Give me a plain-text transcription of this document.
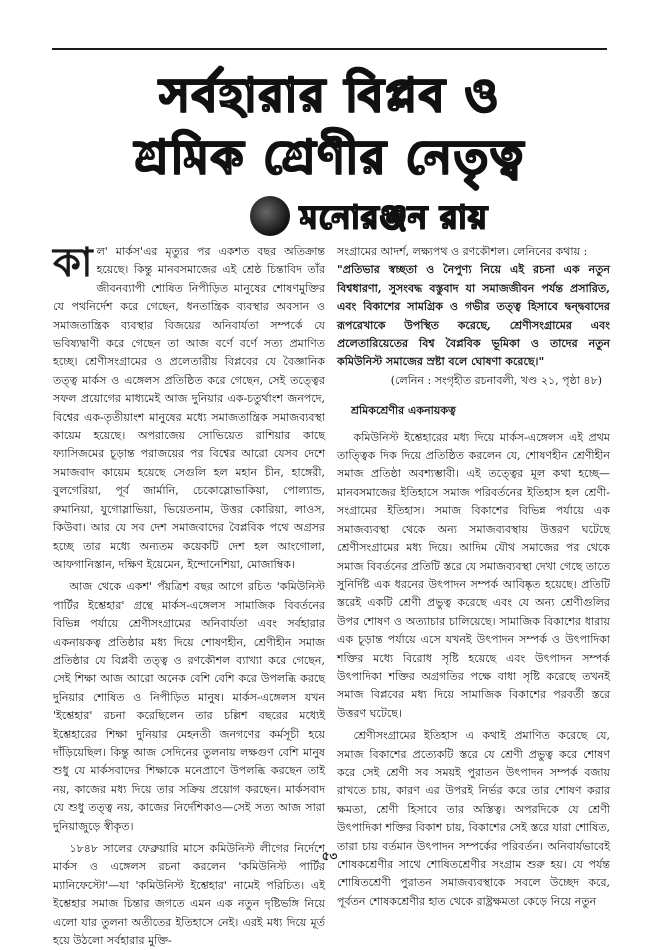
সর্বহারার বিপ্লব ও
শ্রমিক শ্রেণীর নেতৃত্ব
মনোরঞ্জন রায়

কাল' মার্কস'এর মৃত্যুর পর একশত বছর অতিক্রান্ত হয়েছে। কিন্তু মানবসমাজের এই শ্রেষ্ঠ চিন্তাবিদ তাঁর জীবনব্যাপী শোষিত নিপীড়িত মানুষের শোষণমুক্তির যে পথনির্দেশ করে গেছেন, ধনতান্ত্রিক ব্যবস্থার অবসান ও সমাজতান্ত্রিক ব্যবস্থার বিজয়ের অনিবার্যতা সম্পর্কে যে ভবিষ্যদ্বাণী করে গেছেন তা আজ বর্ণে বর্ণে সত্য প্রমাণিত হচ্ছে। শ্রেণীসংগ্রামের ও প্রলেতারীয় বিপ্লবের যে বৈজ্ঞানিক তত্ত্ব মার্কস ও এঙ্গেলস প্রতিষ্ঠিত করে গেছেন, সেই তত্ত্বের সফল প্রয়োগের মাধ্যমেই আজ দুনিয়ার এক-চতুর্থাংশ জনপদে, বিশ্বের এক-তৃতীয়াংশ মানুষের মধ্যে সমাজতান্ত্রিক সমাজব্যবস্থা কায়েম হয়েছে। অপরাজেয় সোভিয়েত রাশিয়ার কাছে ফ্যাসিজমের চূড়ান্ত পরাজয়ের পর বিশ্বের আরো যেসব দেশে সমাজবাদ কায়েম হয়েছে সেগুলি হল মহান চীন, হাঙ্গেরী, বুলগেরিয়া, পূর্ব জার্মানি, চেকোস্লোভাকিয়া, পোল্যান্ড, রুমানিয়া, যুগোস্লাভিয়া, ভিয়েতনাম, উত্তর কোরিয়া, লাওস, কিউবা। আর যে সব দেশ সমাজবাদের বৈপ্লবিক পথে অগ্রসর হচ্ছে তার মধ্যে অন্যতম কয়েকটি দেশ হল আংগোলা, আফগানিস্তান, দক্ষিণ ইয়েমেন, ইন্দোনেশিয়া, মোজাম্বিক।

আজ থেকে একশ' পঁয়ত্রিশ বছর আগে রচিত 'কমিউনিস্ট পার্টির ইশ্তেহার' গ্রন্থে মার্কস-এঙ্গেলস সামাজিক বিবর্তনের বিভিন্ন পর্যায়ে শ্রেণীসংগ্রামের অনিবার্যতা এবং সর্বহারার একনায়কত্ব প্রতিষ্ঠার মধ্য দিয়ে শোষণহীন, শ্রেণীহীন সমাজ প্রতিষ্ঠার যে বিপ্লবী তত্ত্ব ও রণকৌশল ব্যাখ্যা করে গেছেন, সেই শিক্ষা আজ আরো অনেক বেশি বেশি করে উপলব্ধি করছে দুনিয়ার শোষিত ও নিপীড়িত মানুষ। মার্কস-এঙ্গেলস যখন 'ইশ্তেহার' রচনা করেছিলেন তার চল্লিশ বছরের মধ্যেই ইশ্তেহারের শিক্ষা দুনিয়ার মেহনতী জনগণের কর্মসূচী হয়ে দাঁড়িয়েছিল। কিন্তু আজ সেদিনের তুলনায় লক্ষগুণ বেশি মানুষ শুধু যে মার্কসবাদের শিক্ষাকে মনেপ্রাণে উপলব্ধি করছেন তাই নয়, কাজের মধ্য দিয়ে তার সক্রিয় প্রয়োগ করছেন। মার্কসবাদ যে শুধু তত্ত্ব নয়, কাজের নির্দেশিকাও—সেই সত্য আজ সারা দুনিয়াজুড়ে স্বীকৃত।

১৮৪৮ সালের ফেব্রুয়ারি মাসে কমিউনিস্ট লীগের নির্দেশে মার্কস ও এঙ্গেলস রচনা করলেন 'কমিউনিস্ট পার্টির ম্যানিফেস্টো'—যা 'কমিউনিস্ট ইশ্তেহার' নামেই পরিচিত। এই ইশ্তেহার সমাজ চিন্তার জগতে এমন এক নতুন দৃষ্টিভঙ্গি নিয়ে এলো যার তুলনা অতীতের ইতিহাসে নেই। এরই মধ্য দিয়ে মূর্ত হয়ে উঠলো সর্বহারার মুক্তি-

সংগ্রামের আদর্শ, লক্ষ্যপথ ও রণকৌশল। লেনিনের কথায় :

"প্রতিভার স্বচ্ছতা ও নৈপুণ্য নিয়ে এই রচনা এক নতুন বিশ্বধারণা, সুসংবদ্ধ বস্তুবাদ যা সমাজজীবন পর্যন্ত প্রসারিত, এবং বিকাশের সামগ্রিক ও গভীর তত্ত্ব হিসাবে দ্বন্দ্ববাদের রূপরেখাকে উপস্থিত করেছে, শ্রেণীসংগ্রামের এবং প্রলেতারিয়েতের বিশ্ব বৈপ্লবিক ভূমিকা ও তাদের নতুন কমিউনিস্ট সমাজের স্রষ্টা বলে ঘোষণা করেছে।"

(লেনিন : সংগৃহীত রচনাবলী, খণ্ড ২১, পৃষ্ঠা ৪৮)

শ্রমিকশ্রেণীর একনায়কত্ব

কমিউনিস্ট ইশ্তেহারের মধ্য দিয়ে মার্কস-এঙ্গেলস এই প্রথম তাত্ত্বিক দিক দিয়ে প্রতিষ্ঠিত করলেন যে, শোষণহীন শ্রেণীহীন সমাজ প্রতিষ্ঠা অবশ্যম্ভাবী। এই তত্ত্বের মূল কথা হচ্ছে—মানবসমাজের ইতিহাসে সমাজ পরিবর্তনের ইতিহাস হল শ্রেণী-সংগ্রামের ইতিহাস। সমাজ বিকাশের বিভিন্ন পর্যায়ে এক সমাজব্যবস্থা থেকে অন্য সমাজব্যবস্থায় উত্তরণ ঘটেছে শ্রেণীসংগ্রামের মধ্য দিয়ে। আদিম যৌথ সমাজের পর থেকে সমাজ বিবর্তনের প্রতিটি স্তরে যে সমাজব্যবস্থা দেখা গেছে তাতে সুনির্দিষ্ট এক ধরনের উৎপাদন সম্পর্ক আবিষ্কৃত হয়েছে। প্রতিটি স্তরেই একটি শ্রেণী প্রভুত্ব করেছে এবং যে অন্য শ্রেণীগুলির উপর শোষণ ও অত্যাচার চালিয়েছে। সামাজিক বিকাশের ধারায় এক চূড়ান্ত পর্যায়ে এসে যখনই উৎপাদন সম্পর্ক ও উৎপাদিকা শক্তির মধ্যে বিরোধ সৃষ্টি হয়েছে এবং উৎপাদন সম্পর্ক উৎপাদিকা শক্তির অগ্রগতির পক্ষে বাধা সৃষ্টি করেছে তখনই সমাজ বিপ্লবের মধ্য দিয়ে সামাজিক বিকাশের পরবর্তী স্তরে উত্তরণ ঘটেছে।

শ্রেণীসংগ্রামের ইতিহাস এ কথাই প্রমাণিত করেছে যে, সমাজ বিকাশের প্রত্যেকটি স্তরে যে শ্রেণী প্রভুত্ব করে শোষণ করে সেই শ্রেণী সব সময়ই পুরাতন উৎপাদন সম্পর্ক বজায় রাখতে চায়, কারণ এর উপরই নির্ভর করে তার শোষণ করার ক্ষমতা, শ্রেণী হিসাবে তার অস্তিত্ব। অপরদিকে যে শ্রেণী উৎপাদিকা শক্তির বিকাশ চায়, বিকাশের সেই স্তরে যারা শোষিত, তারা চায় বর্তমান উৎপাদন সম্পর্কের পরিবর্তন। অনিবার্যভাবেই শোষকশ্রেণীর সাথে শোষিতশ্রেণীর সংগ্রাম শুরু হয়। যে পর্যন্ত শোষিতশ্রেণী পুরাতন সমাজব্যবস্থাকে সবলে উচ্ছেদ করে, পূর্বতন শোষকশ্রেণীর হাত থেকে রাষ্ট্রক্ষমতা কেড়ে নিয়ে নতুন

৫৩
